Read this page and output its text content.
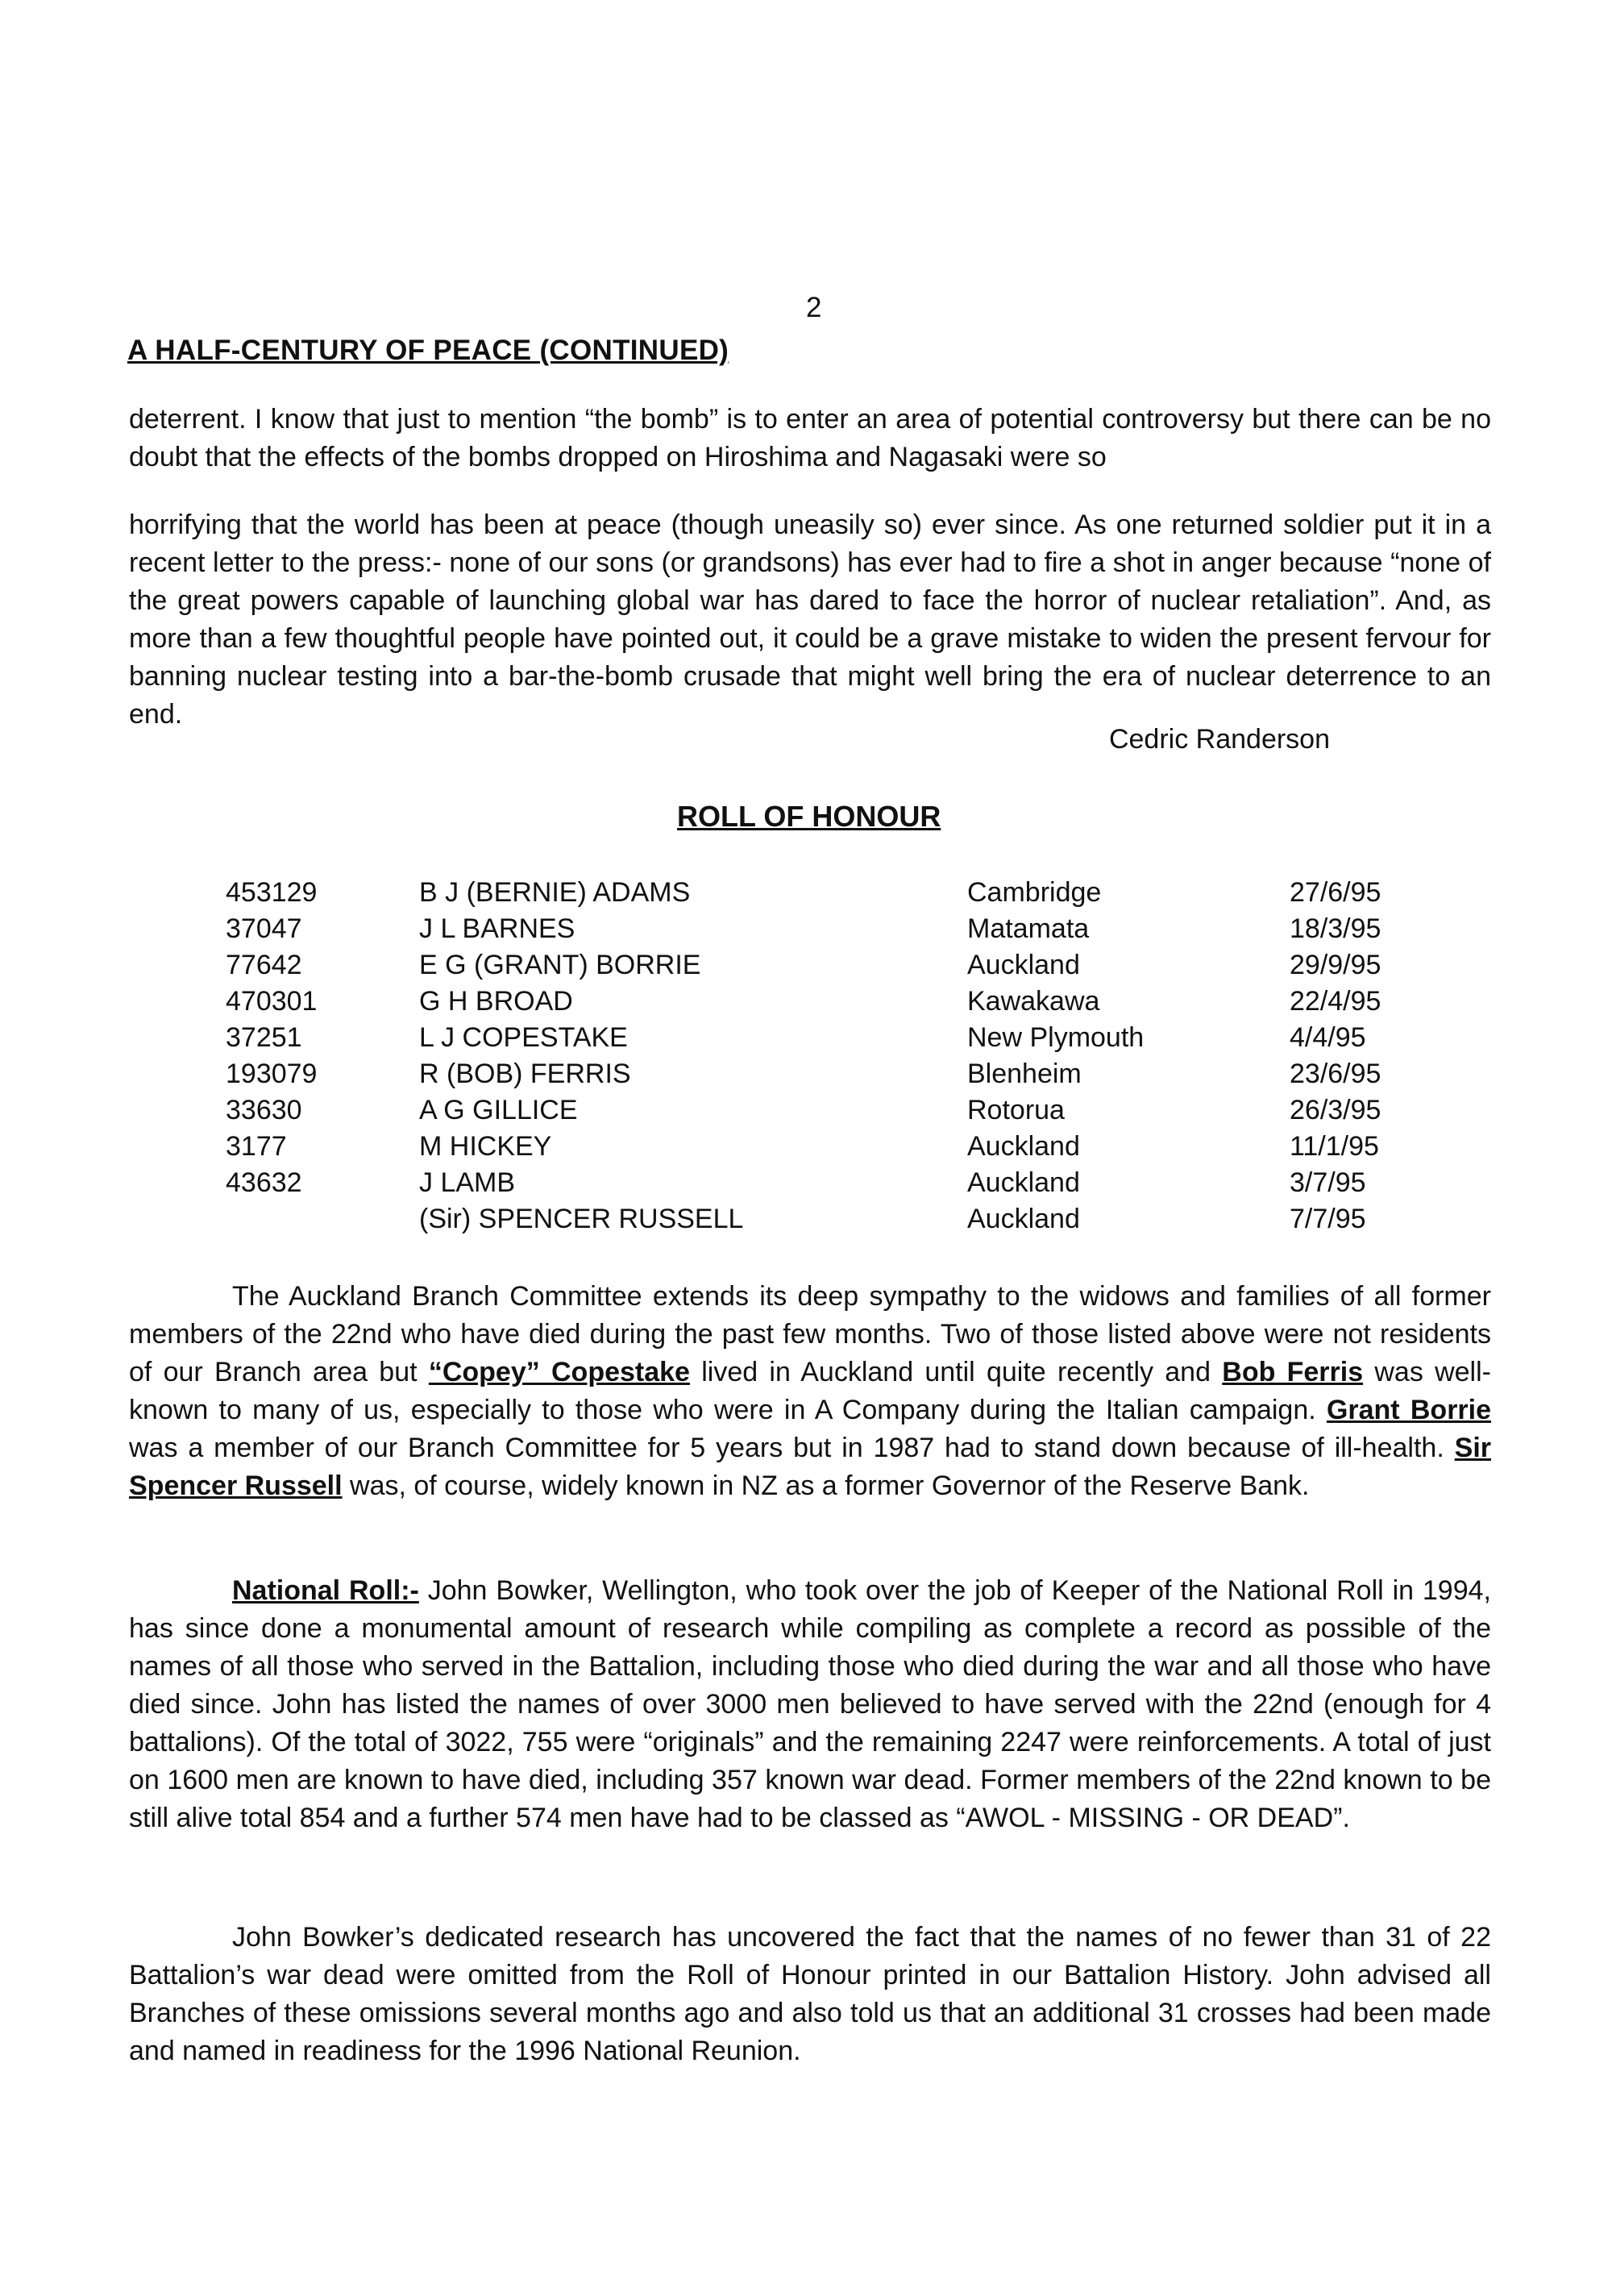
2
A HALF-CENTURY OF PEACE (CONTINUED)

deterrent. I know that just to mention “the bomb” is to enter an area of potential controversy but there can be no doubt that the effects of the bombs dropped on Hiroshima and Nagasaki were so

horrifying that the world has been at peace (though uneasily so) ever since. As one returned soldier put it in a recent letter to the press:- none of our sons (or grandsons) has ever had to fire a shot in anger because “none of the great powers capable of launching global war has dared to face the horror of nuclear retaliation”. And, as more than a few thoughtful people have pointed out, it could be a grave mistake to widen the present fervour for banning nuclear testing into a bar-the-bomb crusade that might well bring the era of nuclear deterrence to an end.

Cedric Randerson
ROLL OF HONOUR
453129	B J (BERNIE) ADAMS	Cambridge	27/6/95
37047	J L BARNES	Matamata	18/3/95
77642	E G (GRANT) BORRIE	Auckland	29/9/95
470301	G H BROAD	Kawakawa	22/4/95
37251	L J COPESTAKE	New Plymouth	4/4/95
193079	R (BOB) FERRIS	Blenheim	23/6/95
33630	A G GILLICE	Rotorua	26/3/95
3177	M HICKEY	Auckland	11/1/95
43632	J LAMB	Auckland	3/7/95
	(Sir) SPENCER RUSSELL	Auckland	7/7/95

The Auckland Branch Committee extends its deep sympathy to the widows and families of all former members of the 22nd who have died during the past few months. Two of those listed above were not residents of our Branch area but “Copey” Copestake lived in Auckland until quite recently and Bob Ferris was well-known to many of us, especially to those who were in A Company during the Italian campaign. Grant Borrie was a member of our Branch Committee for 5 years but in 1987 had to stand down because of ill-health. Sir Spencer Russell was, of course, widely known in NZ as a former Governor of the Reserve Bank.

National Roll:- John Bowker, Wellington, who took over the job of Keeper of the National Roll in 1994, has since done a monumental amount of research while compiling as complete a record as possible of the names of all those who served in the Battalion, including those who died during the war and all those who have died since. John has listed the names of over 3000 men believed to have served with the 22nd (enough for 4 battalions). Of the total of 3022, 755 were “originals” and the remaining 2247 were reinforcements. A total of just on 1600 men are known to have died, including 357 known war dead. Former members of the 22nd known to be still alive total 854 and a further 574 men have had to be classed as “AWOL - MISSING - OR DEAD”.

John Bowker’s dedicated research has uncovered the fact that the names of no fewer than 31 of 22 Battalion’s war dead were omitted from the Roll of Honour printed in our Battalion History. John advised all Branches of these omissions several months ago and also told us that an additional 31 crosses had been made and named in readiness for the 1996 National Reunion.
